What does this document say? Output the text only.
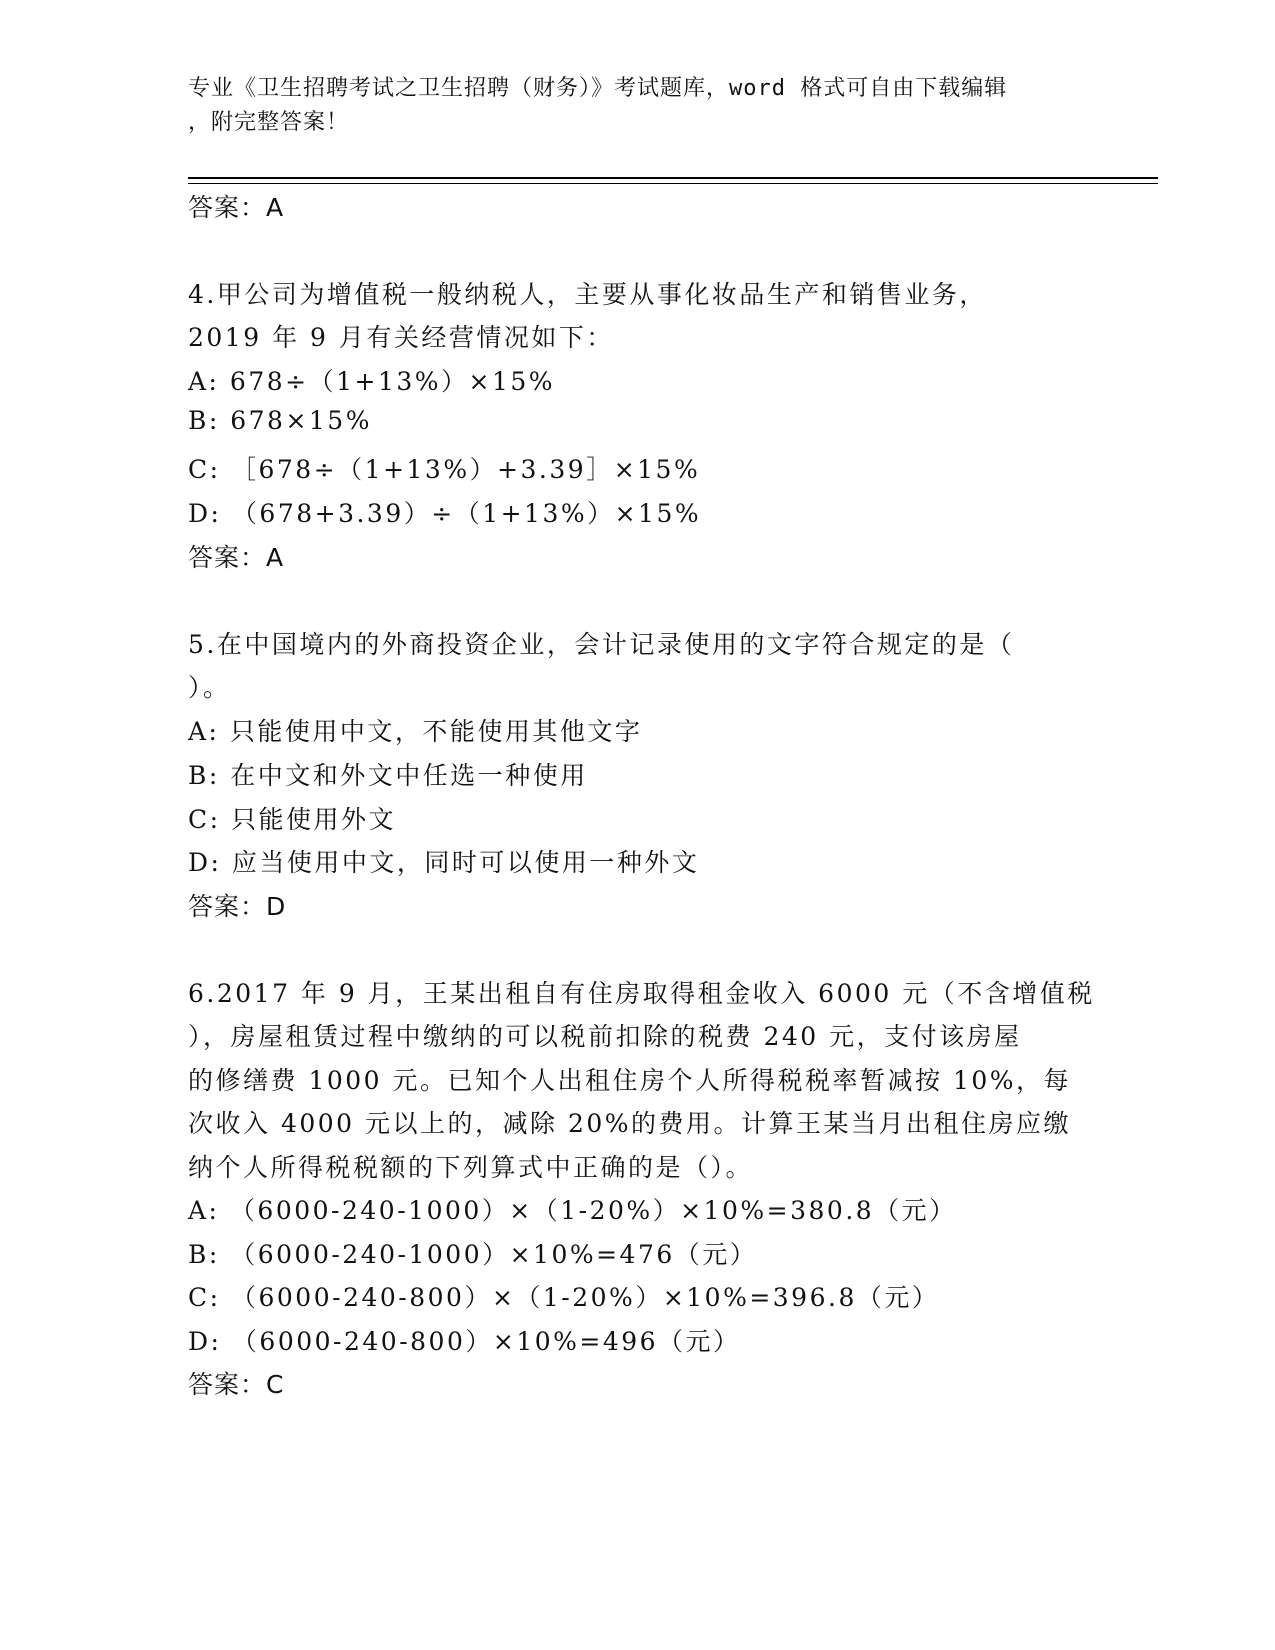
专业《卫生招聘考试之卫生招聘（财务）》考试题库，word 格式可自由下载编辑
，附完整答案！
答案：A
4.甲公司为增值税一般纳税人，主要从事化妆品生产和销售业务，
2019 年 9 月有关经营情况如下：
A: 678÷（1+13%）×15%
B: 678×15%
C: ［678÷（1+13%）+3.39］×15%
D: （678+3.39）÷（1+13%）×15%
答案：A
5.在中国境内的外商投资企业，会计记录使用的文字符合规定的是（
）。
A: 只能使用中文，不能使用其他文字
B: 在中文和外文中任选一种使用
C: 只能使用外文
D: 应当使用中文，同时可以使用一种外文
答案：D
6.2017 年 9 月，王某出租自有住房取得租金收入 6000 元（不含增值税
），房屋租赁过程中缴纳的可以税前扣除的税费 240 元，支付该房屋
的修缮费 1000 元。已知个人出租住房个人所得税税率暂减按 10%，每
次收入 4000 元以上的，减除 20%的费用。计算王某当月出租住房应缴
纳个人所得税税额的下列算式中正确的是（）。
A: （6000-240-1000）×（1-20%）×10%=380.8（元）
B: （6000-240-1000）×10%=476（元）
C: （6000-240-800）×（1-20%）×10%=396.8（元）
D: （6000-240-800）×10%=496（元）
答案：C
